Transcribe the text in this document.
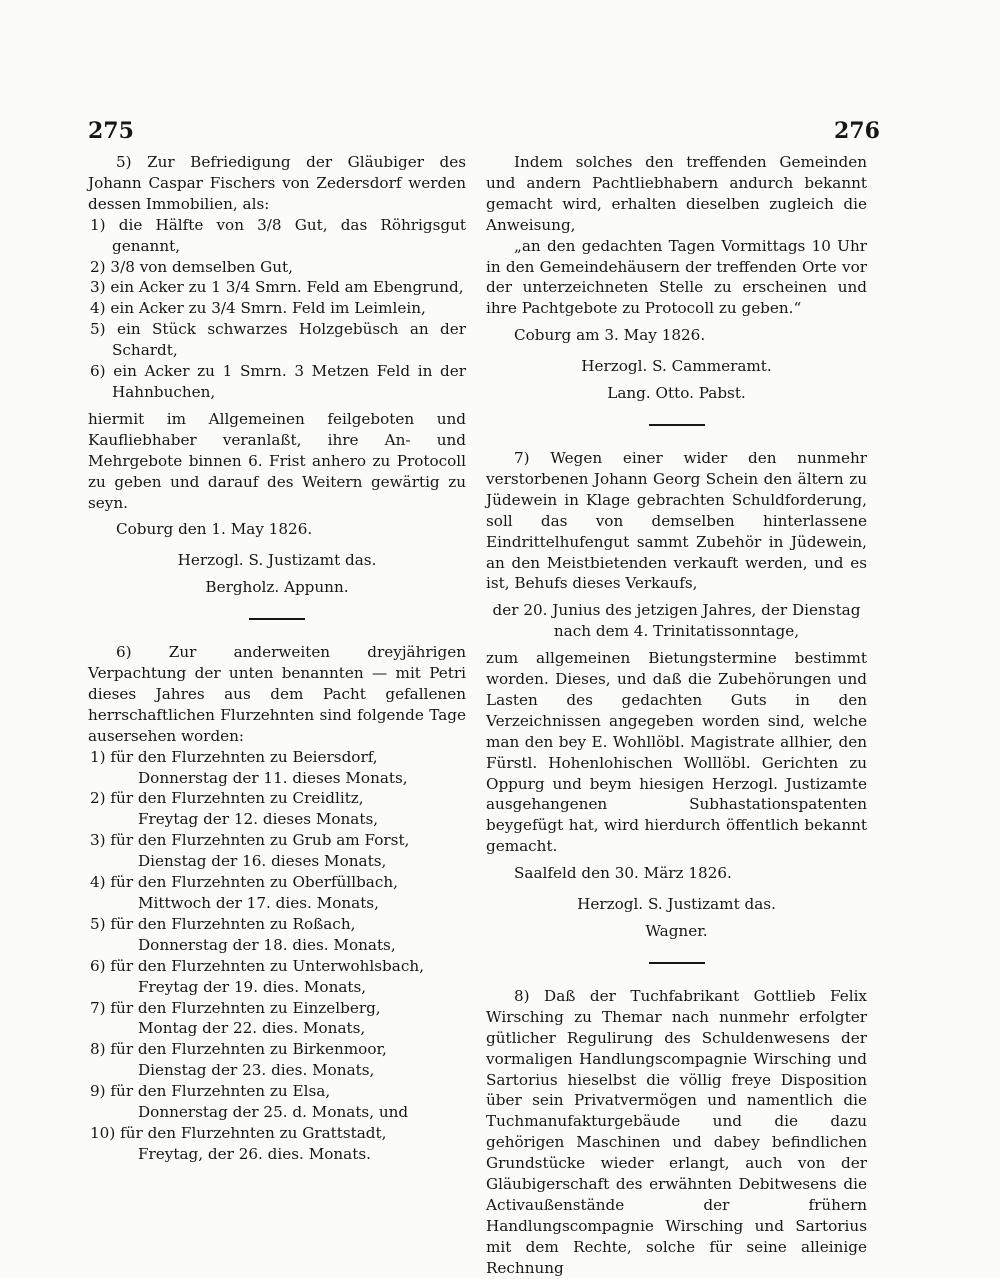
275	276

5) Zur Befriedigung der Gläubiger des Johann Caspar Fischers von Zedersdorf werden dessen Immobilien, als:

1) die Hälfte von 3/8 Gut, das Röhrigsgut genannt,

2) 3/8 von demselben Gut,

3) ein Acker zu 1 3/4 Smrn. Feld am Ebengrund,

4) ein Acker zu 3/4 Smrn. Feld im Leimlein,

5) ein Stück schwarzes Holzgebüsch an der Schardt,

6) ein Acker zu 1 Smrn. 3 Metzen Feld in der Hahnbuchen,

hiermit im Allgemeinen feilgeboten und Kaufliebhaber veranlaßt, ihre An- und Mehrgebote binnen 6. Frist anhero zu Protocoll zu geben und darauf des Weitern gewärtig zu seyn.

Coburg den 1. May 1826.

Herzogl. S. Justizamt das.

Bergholz. Appunn.

6) Zur anderweiten dreyjährigen Verpachtung der unten benannten — mit Petri dieses Jahres aus dem Pacht gefallenen herrschaftlichen Flurzehnten sind folgende Tage ausersehen worden:

1) für den Flurzehnten zu Beiersdorf,
Donnerstag der 11. dieses Monats,

2) für den Flurzehnten zu Creidlitz,
Freytag der 12. dieses Monats,

3) für den Flurzehnten zu Grub am Forst,
Dienstag der 16. dieses Monats,

4) für den Flurzehnten zu Oberfüllbach,
Mittwoch der 17. dies. Monats,

5) für den Flurzehnten zu Roßach,
Donnerstag der 18. dies. Monats,

6) für den Flurzehnten zu Unterwohlsbach,
Freytag der 19. dies. Monats,

7) für den Flurzehnten zu Einzelberg,
Montag der 22. dies. Monats,

8) für den Flurzehnten zu Birkenmoor,
Dienstag der 23. dies. Monats,

9) für den Flurzehnten zu Elsa,
Donnerstag der 25. d. Monats, und

10) für den Flurzehnten zu Grattstadt,
Freytag, der 26. dies. Monats.

Indem solches den treffenden Gemeinden und andern Pachtliebhabern andurch bekannt gemacht wird, erhalten dieselben zugleich die Anweisung,

„an den gedachten Tagen Vormittags 10 Uhr in den Gemeindehäusern der treffenden Orte vor der unterzeichneten Stelle zu erscheinen und ihre Pachtgebote zu Protocoll zu geben.“

Coburg am 3. May 1826.

Herzogl. S. Cammeramt.

Lang. Otto. Pabst.

7) Wegen einer wider den nunmehr verstorbenen Johann Georg Schein den ältern zu Jüdewein in Klage gebrachten Schuldforderung, soll das von demselben hinterlassene Eindrittelhufengut sammt Zubehör in Jüdewein, an den Meistbietenden verkauft werden, und es ist, Behufs dieses Verkaufs,

der 20. Junius des jetzigen Jahres, der Dienstag nach dem 4. Trinitatissonntage,

zum allgemeinen Bietungstermine bestimmt worden. Dieses, und daß die Zubehörungen und Lasten des gedachten Guts in den Verzeichnissen angegeben worden sind, welche man den bey E. Wohllöbl. Magistrate allhier, den Fürstl. Hohenlohischen Wolllöbl. Gerichten zu Oppurg und beym hiesigen Herzogl. Justizamte ausgehangenen Subhastationspatenten beygefügt hat, wird hierdurch öffentlich bekannt gemacht.

Saalfeld den 30. März 1826.

Herzogl. S. Justizamt das.

Wagner.

8) Daß der Tuchfabrikant Gottlieb Felix Wirsching zu Themar nach nunmehr erfolgter gütlicher Regulirung des Schuldenwesens der vormaligen Handlungscompagnie Wirsching und Sartorius hieselbst die völlig freye Disposition über sein Privatvermögen und namentlich die Tuchmanufakturgebäude und die dazu gehörigen Maschinen und dabey befindlichen Grundstücke wieder erlangt, auch von der Gläubigerschaft des erwähnten Debitwesens die Activaußenstände der frühern Handlungscompagnie Wirsching und Sartorius mit dem Rechte, solche für seine alleinige Rechnung
